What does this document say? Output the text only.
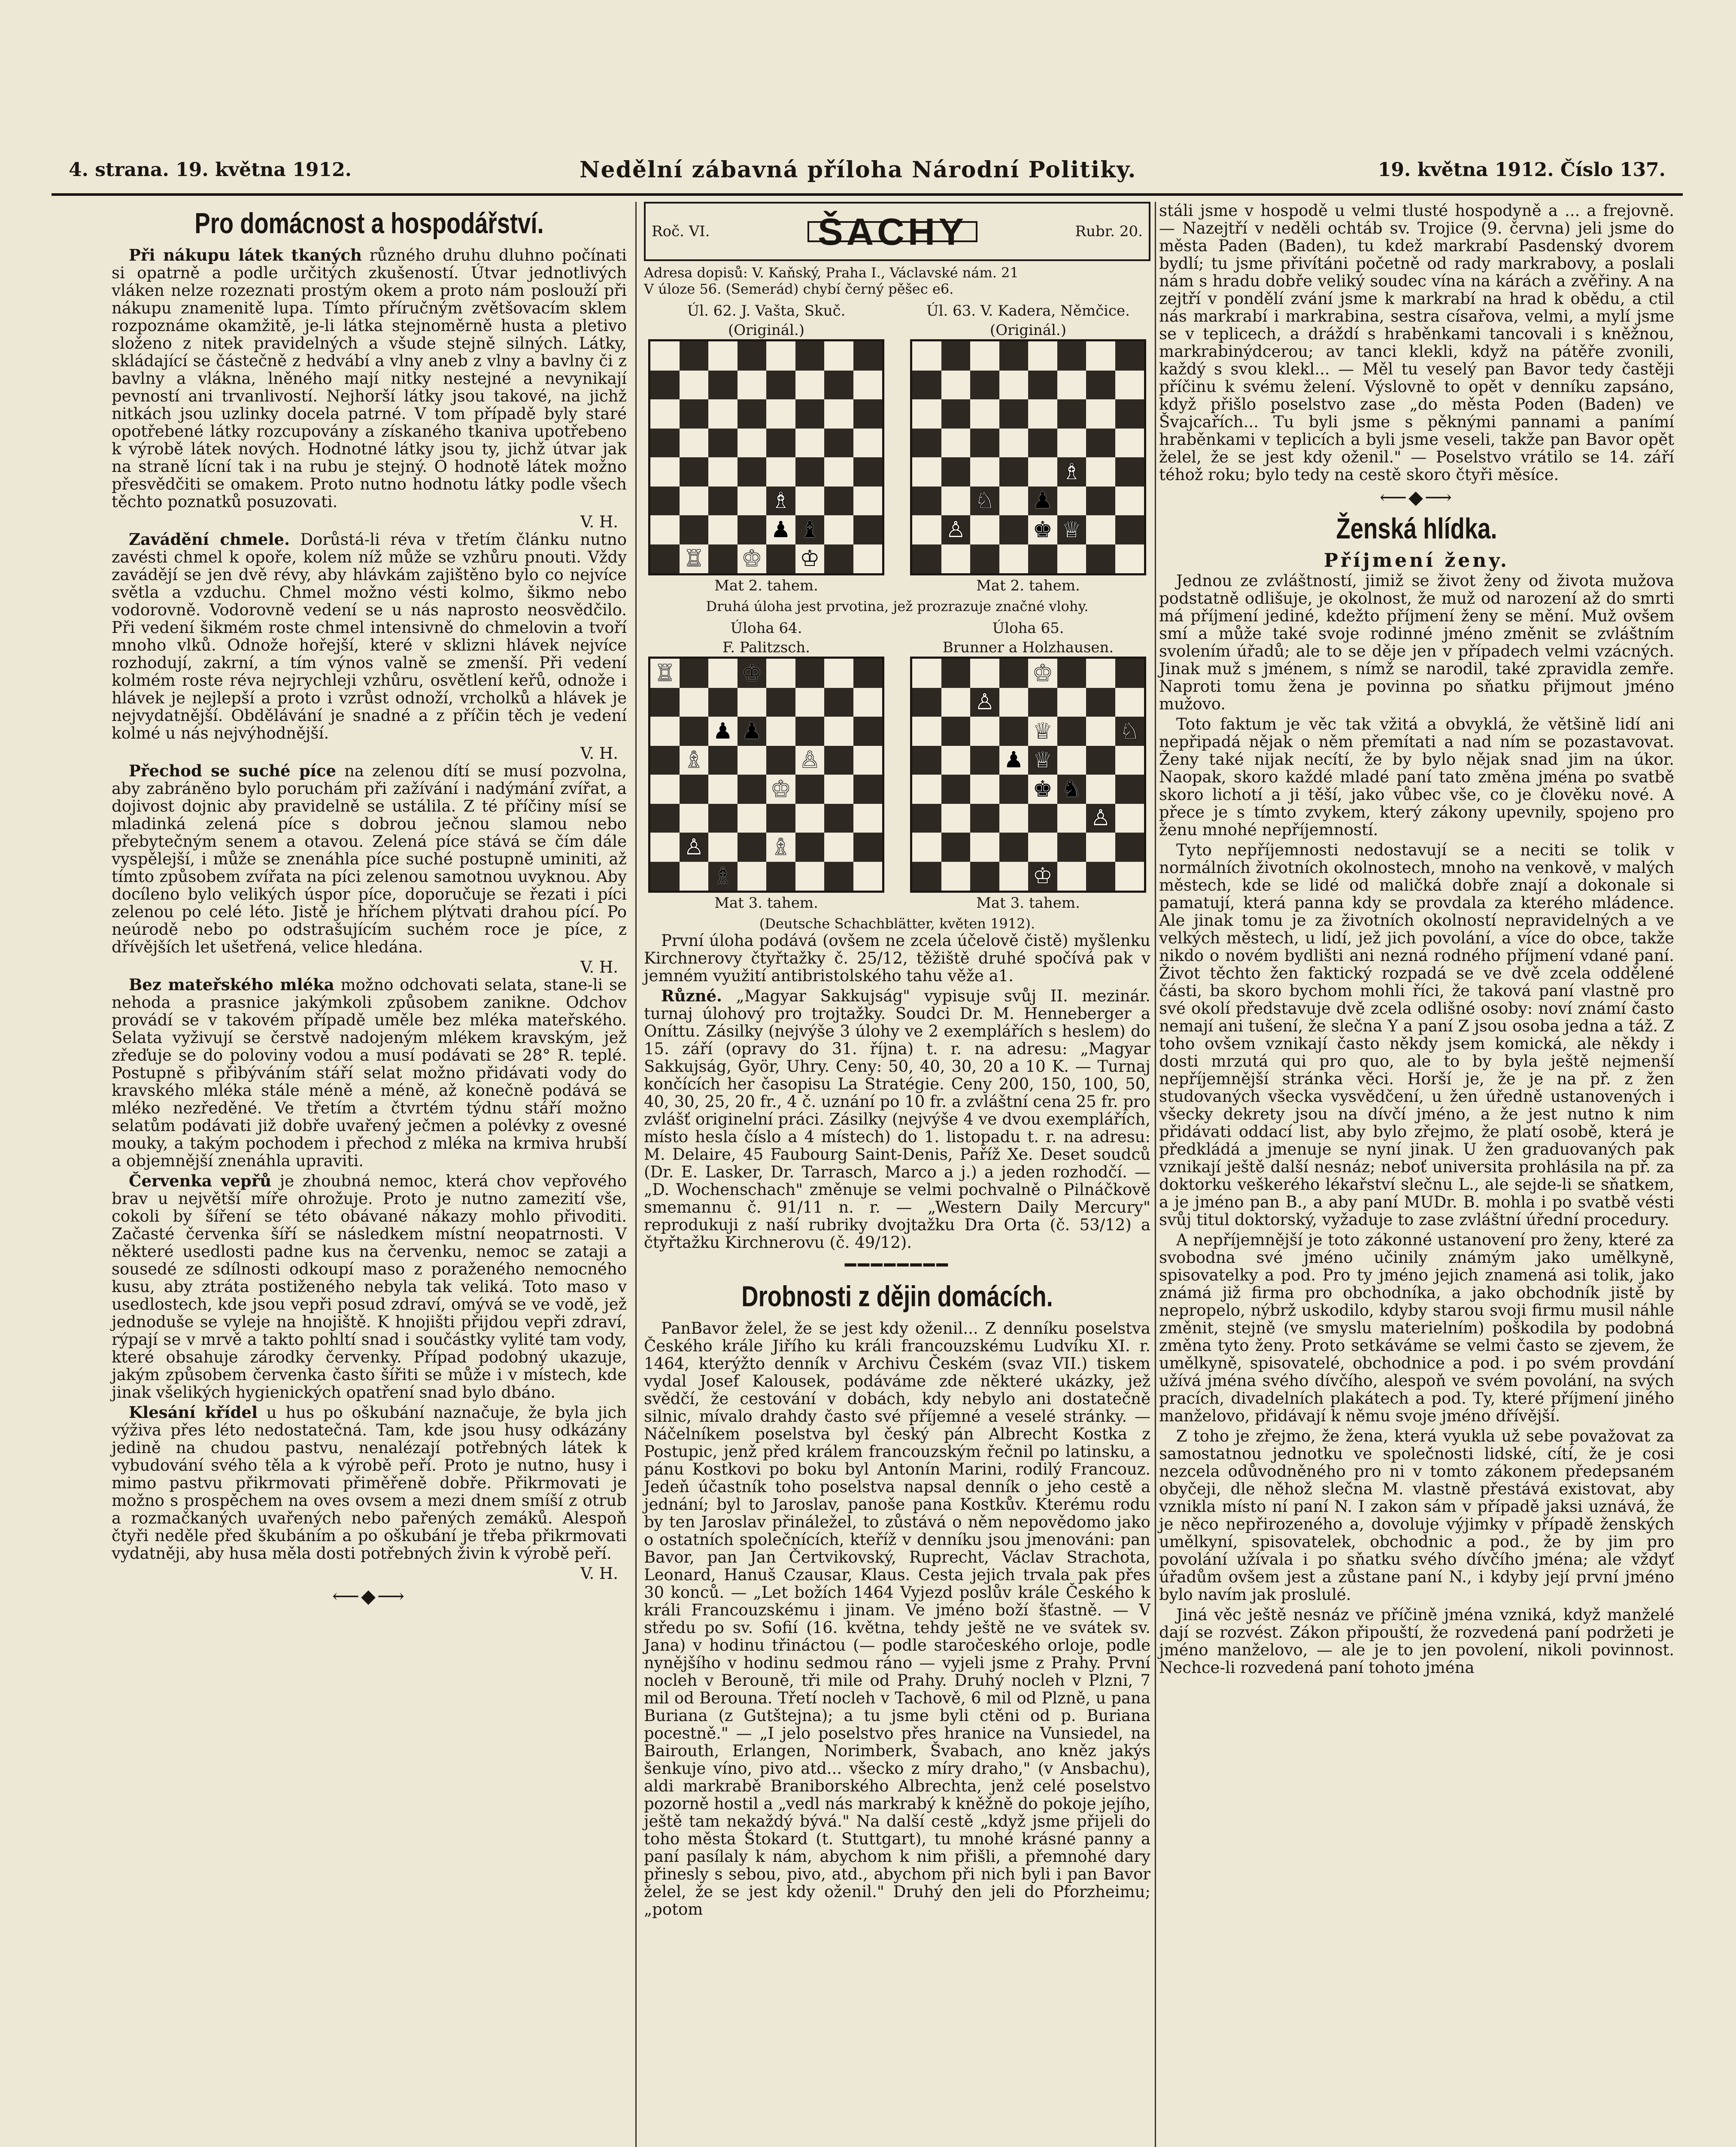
4. strana. 19. května 1912.	Nedělní zábavná příloha Národní Politiky.	19. května 1912. Číslo 137.
Pro domácnost a hospodářství.

Při nákupu látek tkaných různého druhu dluhno počínati si opatrně a podle určitých zkušeností. Útvar jednotlivých vláken nelze rozeznati prostým okem a proto nám poslouží při nákupu znamenitě lupa. Tímto příručným zvětšovacím sklem rozpoznáme okamžitě, je-li látka stejnoměrně husta a pletivo složeno z nitek pravidelných a všude stejně silných. Látky, skládající se částečně z hedvábí a vlny aneb z vlny a bavlny či z bavlny a vlákna, lněného mají nitky nestejné a nevynikají pevností ani trvanlivostí. Nejhorší látky jsou takové, na jichž nitkách jsou uzlinky docela patrné. V tom případě byly staré opotřebené látky rozcupovány a získaného tkaniva upotřebeno k výrobě látek nových. Hodnotné látky jsou ty, jichž útvar jak na straně lícní tak i na rubu je stejný. O hodnotě látek možno přesvědčiti se omakem. Proto nutno hodnotu látky podle všech těchto poznatků posuzovati.

V. H.

Zavádění chmele. Dorůstá-li réva v třetím článku nutno zavésti chmel k opoře, kolem níž může se vzhůru pnouti. Vždy zavádějí se jen dvě révy, aby hlávkám zajištěno bylo co nejvíce světla a vzduchu. Chmel možno vésti kolmo, šikmo nebo vodorovně. Vodorovně vedení se u nás naprosto neosvědčilo. Při vedení šikmém roste chmel intensivně do chmelovin a tvoří mnoho vlků. Odnože hořejší, které v sklizni hlávek nejvíce rozhodují, zakrní, a tím výnos valně se zmenší. Při vedení kolmém roste réva nejrychleji vzhůru, osvětlení keřů, odnože i hlávek je nejlepší a proto i vzrůst odnoží, vrcholků a hlávek je nejvydatnější. Obdělávání je snadné a z příčin těch je vedení kolmé u nás nejvýhodnější.

V. H.

Přechod se suché píce na zelenou dítí se musí pozvolna, aby zabráněno bylo poruchám při zažívání i nadýmání zvířat, a dojivost dojnic aby pravidelně se ustálila. Z té příčiny mísí se mladinká zelená píce s dobrou ječnou slamou nebo přebytečným senem a otavou. Zelená píce stává se čím dále vyspělejší, i může se znenáhla píce suché postupně uminiti, až tímto způsobem zvířata na píci zelenou samotnou uvyknou. Aby docíleno bylo velikých úspor píce, doporučuje se řezati i píci zelenou po celé léto. Jistě je hříchem plýtvati drahou pící. Po neúrodě nebo po odstrašujícím suchém roce je píce, z dřívějších let ušetřená, velice hledána.

V. H.

Bez mateřského mléka možno odchovati selata, stane-li se nehoda a prasnice jakýmkoli způsobem zanikne. Odchov provádí se v takovém případě uměle bez mléka mateřského. Selata vyživují se čerstvě nadojeným mlékem kravským, jež zřeďuje se do poloviny vodou a musí podávati se 28° R. teplé. Postupně s přibýváním stáří selat možno přidávati vody do kravského mléka stále méně a méně, až konečně podává se mléko nezředěné. Ve třetím a čtvrtém týdnu stáří možno selatům podávati již dobře uvařený ječmen a polévky z ovesné mouky, a takým pochodem i přechod z mléka na krmiva hrubší a objemnější znenáhla upraviti.

Červenka vepřů je zhoubná nemoc, která chov vepřového brav u největší míře ohrožuje. Proto je nutno zamezití vše, cokoli by šíření se této obávané nákazy mohlo přivoditi. Začasté červenka šíří se následkem místní neopatrnosti. V některé usedlosti padne kus na červenku, nemoc se zataji a sousedé ze sdílnosti odkoupí maso z poraženého nemocného kusu, aby ztráta postiženého nebyla tak veliká. Toto maso v usedlostech, kde jsou vepři posud zdraví, omývá se ve vodě, jež jednoduše se vyleje na hnojiště. K hnojišti přijdou vepři zdraví, rýpají se v mrvě a takto pohltí snad i součástky vylité tam vody, které obsahuje zárodky červenky. Případ podobný ukazuje, jakým způsobem červenka často šířiti se může i v místech, kde jinak všelikých hygienických opatření snad bylo dbáno.

Klesání křídel u hus po oškubání naznačuje, že byla jich výživa přes léto nedostatečná. Tam, kde jsou husy odkázány jedině na chudou pastvu, nenalézají potřebných látek k vybudování svého těla a k výrobě peří. Proto je nutno, husy i mimo pastvu přikrmovati přiměřeně dobře. Přikrmovati je možno s prospěchem na oves ovsem a mezi dnem smíší z otrub a rozmačkaných uvařených nebo pařených zemáků. Alespoň čtyři neděle před škubáním a po oškubání je třeba přikrmovati vydatněji, aby husa měla dosti potřebných živin k výrobě peří.

V. H.
⟵◆⟶
Roč. VI.	ŠACHY	Rubr. 20.

Adresa dopisů: V. Kaňský, Praha I., Václavské nám. 21

V úloze 56. (Semerád) chybí černý pěšec e6.

Úl. 62. J. Vašta, Skuč.
(Originál.)
♗
♟ ♝
♖ ♔ ♔
Mat 2. tahem.
Úl. 63. V. Kadera, Němčice.
(Originál.)
♗
♘ ♟
♙	♚ ♕
Mat 2. tahem.

Druhá úloha jest prvotina, jež prozrazuje značné vlohy.

Úloha 64.
F. Palitzsch.
♖	♔
♟ ♟
♗	♙
♔
♙	♗
♗
Mat 3. tahem.
Úloha 65.
Brunner a Holzhausen.
♔
♙
♕	♘
♟ ♕
♚ ♞
♙
♔
Mat 3. tahem.

(Deutsche Schachblätter, květen 1912).

První úloha podává (ovšem ne zcela účelově čistě) myšlenku Kirchnerovy čtyřtažky č. 25/12, těžiště druhé spočívá pak v jemném využití antibristolského tahu věže a1.

Různé. „Magyar Sakkujság" vypisuje svůj II. mezinár. turnaj úlohový pro trojtažky. Soudci Dr. M. Henneberger a Oníttu. Zásilky (nejvýše 3 úlohy ve 2 exemplářích s heslem) do 15. září (opravy do 31. října) t. r. na adresu: „Magyar Sakkujság, Györ, Uhry. Ceny: 50, 40, 30, 20 a 10 K. — Turnaj končících her časopisu La Stratégie. Ceny 200, 150, 100, 50, 40, 30, 25, 20 fr., 4 č. uznání po 10 fr. a zvláštní cena 25 fr. pro zvlášť originelní práci. Zásilky (nejvýše 4 ve dvou exemplářích, místo hesla číslo a 4 místech) do 1. listopadu t. r. na adresu: M. Delaire, 45 Faubourg Saint-Denis, Paříž Xe. Deset soudců (Dr. E. Lasker, Dr. Tarrasch, Marco a j.) a jeden rozhodčí. — „D. Wochenschach" změnuje se velmi pochvalně o Pilnáčkově smemannu č. 91/11 n. r. — „Western Daily Mercury" reprodukuji z naší rubriky dvojtažku Dra Orta (č. 53/12) a čtyřtažku Kirchnerovu (č. 49/12).

━━━━━━━━
Drobnosti z dějin domácích.

PanBavor želel, že se jest kdy oženil... Z denníku poselstva Českého krále Jiřího ku králi francouzskému Ludvíku XI. r. 1464, kterýžto denník v Archivu Českém (svaz VII.) tiskem vydal Josef Kalousek, podáváme zde některé ukázky, jež svědčí, že cestování v dobách, kdy nebylo ani dostatečně silnic, mívalo drahdy často své příjemné a veselé stránky. — Náčelníkem poselstva byl český pán Albrecht Kostka z Postupic, jenž před králem francouzským řečnil po latinsku, a pánu Kostkovi po boku byl Antonín Marini, rodilý Francouz. Jedeň účastník toho poselstva napsal denník o jeho cestě a jednání; byl to Jaroslav, panoše pana Kostkův. Kterému rodu by ten Jaroslav přináležel, to zůstává o něm nepovědomo jako o ostatních společnících, kteříž v denníku jsou jmenováni: pan Bavor, pan Jan Čertvikovský, Ruprecht, Václav Strachota, Leonard, Hanuš Czausar, Klaus. Cesta jejich trvala pak přes 30 konců. — „Let božích 1464 Vyjezd poslův krále Českého k králi Francouzskému i jinam. Ve jméno boží šťastně. — V středu po sv. Sofií (16. května, tehdy ještě ne ve svátek sv. Jana) v hodinu třináctou (— podle staročeského orloje, podle nynějšího v hodinu sedmou ráno — vyjeli jsme z Prahy. První nocleh v Berouně, tři mile od Prahy. Druhý nocleh v Plzni, 7 mil od Berouna. Třetí nocleh v Tachově, 6 mil od Plzně, u pana Buriana (z Gutštejna); a tu jsme byli ctěni od p. Buriana pocestně." — „I jelo poselstvo přes hranice na Vunsiedel, na Bairouth, Erlangen, Norimberk, Švabach, ano kněz jakýs šenkuje víno, pivo atd... všecko z míry draho," (v Ansbachu), aldi markrabě Braniborského Albrechta, jenž celé poselstvo pozorně hostil a „vedl nás markrabý k kněžně do pokoje jejího, ještě tam nekaždý bývá." Na další cestě „když jsme přijeli do toho města Štokard (t. Stuttgart), tu mnohé krásné panny a paní pasílaly k nám, abychom k nim přišli, a přemnohé dary přinesly s sebou, pivo, atd., abychom při nich byli i pan Bavor želel, že se jest kdy oženil." Druhý den jeli do Pforzheimu; „potom

stáli jsme v hospodě u velmi tlusté hospodyně a ... a frejovně. — Nazejtří v neděli ochtáb sv. Trojice (9. června) jeli jsme do města Paden (Baden), tu kdež markrabí Pasdenský dvorem bydlí; tu jsme přivítáni početně od rady markrabovy, a poslali nám s hradu dobře veliký soudec vína na kárách a zvěřiny. A na zejtří v pondělí zvání jsme k markrabí na hrad k obědu, a ctil nás markrabí i markrabina, sestra císařova, velmi, a mylí jsme se v teplicech, a dráždí s hraběnkami tancovali i s kněžnou, markrabinýdcerou; av tanci klekli, když na pátěře zvonili, každý s svou klekl... — Měl tu veselý pan Bavor tedy častěji příčinu k svému želení. Výslovně to opět v denníku zapsáno, když přišlo poselstvo zase „do města Poden (Baden) ve Švajcařích... Tu byli jsme s pěknými pannami a panímí hraběnkami v teplicích a byli jsme veseli, takže pan Bavor opět želel, že se jest kdy oženil." — Poselstvo vrátilo se 14. září téhož roku; bylo tedy na cestě skoro čtyři měsíce.

⟵◆⟶
Ženská hlídka.
Příjmení ženy.

Jednou ze zvláštností, jimiž se život ženy od života mužova podstatně odlišuje, je okolnost, že muž od narození až do smrti má příjmení jediné, kdežto příjmení ženy se mění. Muž ovšem smí a může také svoje rodinné jméno změnit se zvláštním svolením úřadů; ale to se děje jen v případech velmi vzácných. Jinak muž s jménem, s nímž se narodil, také zpravidla zemře. Naproti tomu žena je povinna po sňatku přijmout jméno mužovo.

Toto faktum je věc tak vžitá a obvyklá, že většině lidí ani nepřipadá nějak o něm přemítati a nad ním se pozastavovat. Ženy také nijak necítí, že by bylo nějak snad jim na úkor. Naopak, skoro každé mladé paní tato změna jména po svatbě skoro lichotí a ji těší, jako vůbec vše, co je člověku nové. A přece je s tímto zvykem, který zákony upevnily, spojeno pro ženu mnohé nepříjemností.

Tyto nepříjemnosti nedostavují se a neciti se tolik v normálních životních okolnostech, mnoho na venkově, v malých městech, kde se lidé od maličká dobře znají a dokonale si pamatují, která panna kdy se provdala za kterého mládence. Ale jinak tomu je za životních okolností nepravidelných a ve velkých městech, u lidí, jež jich povolání, a více do obce, takže nikdo o novém bydlišti ani nezná rodného příjmení vdané paní. Život těchto žen faktický rozpadá se ve dvě zcela oddělené části, ba skoro bychom mohli říci, že taková paní vlastně pro své okolí představuje dvě zcela odlišné osoby: noví známí často nemají ani tušení, že slečna Y a paní Z jsou osoba jedna a táž. Z toho ovšem vznikají často někdy jsem komická, ale někdy i dosti mrzutá qui pro quo, ale to by byla ještě nejmenší nepříjemnější stránka věci. Horší je, že je na př. z žen studovaných všecka vysvědčení, u žen úředně ustanovených i všecky dekrety jsou na dívčí jméno, a že jest nutno k nim přidávati oddací list, aby bylo zřejmo, že platí osobě, která je předkládá a jmenuje se nyní jinak. U žen graduovaných pak vznikají ještě další nesnáz; neboť universita prohlásila na př. za doktorku veškerého lékařství slečnu L., ale sejde-li se sňatkem, a je jméno pan B., a aby paní MUDr. B. mohla i po svatbě vésti svůj titul doktorský, vyžaduje to zase zvláštní úřední procedury.

A nepříjemnější je toto zákonné ustanovení pro ženy, které za svobodna své jméno učinily známým jako umělkyně, spisovatelky a pod. Pro ty jméno jejich znamená asi tolik, jako známá již firma pro obchodníka, a jako obchodník jistě by nepropelo, nýbrž uskodilo, kdyby starou svoji firmu musil náhle změnit, stejně (ve smyslu materielním) poškodila by podobná změna tyto ženy. Proto setkáváme se velmi často se zjevem, že umělkyně, spisovatelé, obchodnice a pod. i po svém provdání užívá jména svého dívčího, alespoň ve svém povolání, na svých pracích, divadelních plakátech a pod. Ty, které příjmení jiného manželovo, přidávají k němu svoje jméno dřívější.

Z toho je zřejmo, že žena, která vyukla už sebe považovat za samostatnou jednotku ve společnosti lidské, cítí, že je cosi nezcela odůvodněného pro ni v tomto zákonem předepsaném obyčeji, dle něhož slečna M. vlastně přestává existovat, aby vznikla místo ní paní N. I zakon sám v případě jaksi uznává, že je něco nepřirozeného a, dovoluje výjimky v případě ženských umělkyní, spisovatelek, obchodnic a pod., že by jim pro povolání užívala i po sňatku svého dívčího jména; ale vždyť úřadům ovšem jest a zůstane paní N., i kdyby její první jméno bylo navím jak proslulé.

Jiná věc ještě nesnáz ve příčině jména vzniká, když manželé dají se rozvést. Zákon připouští, že rozvedená paní podržeti je jméno manželovo, — ale je to jen povolení, nikoli povinnost. Nechce-li rozvedená paní tohoto jména
